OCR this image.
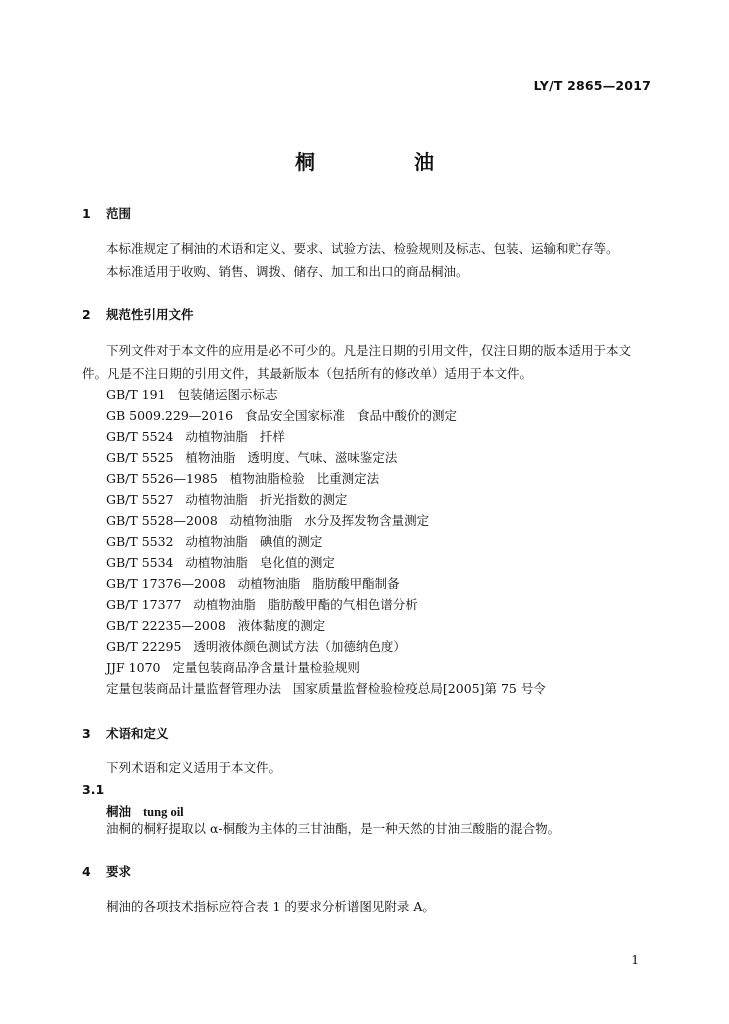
LY/T 2865—2017
桐 油
1 范围
本标准规定了桐油的术语和定义、要求、试验方法、检验规则及标志、包装、运输和贮存等。
本标准适用于收购、销售、调拨、储存、加工和出口的商品桐油。
2 规范性引用文件
下列文件对于本文件的应用是必不可少的。凡是注日期的引用文件，仅注日期的版本适用于本文
件。凡是不注日期的引用文件，其最新版本（包括所有的修改单）适用于本文件。
GB/T 191   包装储运图示标志
GB 5009.229—2016   食品安全国家标准   食品中酸价的测定
GB/T 5524   动植物油脂   扦样
GB/T 5525   植物油脂   透明度、气味、滋味鉴定法
GB/T 5526—1985   植物油脂检验   比重测定法
GB/T 5527   动植物油脂   折光指数的测定
GB/T 5528—2008   动植物油脂   水分及挥发物含量测定
GB/T 5532   动植物油脂   碘值的测定
GB/T 5534   动植物油脂   皂化值的测定
GB/T 17376—2008   动植物油脂   脂肪酸甲酯制备
GB/T 17377   动植物油脂   脂肪酸甲酯的气相色谱分析
GB/T 22235—2008   液体黏度的测定
GB/T 22295   透明液体颜色测试方法（加德纳色度）
JJF 1070   定量包装商品净含量计量检验规则
定量包装商品计量监督管理办法   国家质量监督检验检疫总局[2005]第 75 号令
3 术语和定义
下列术语和定义适用于本文件。
3.1
桐油 tung oil
油桐的桐籽提取以 α-桐酸为主体的三甘油酯，是一种天然的甘油三酸脂的混合物。
4 要求
桐油的各项技术指标应符合表 1 的要求分析谱图见附录 A。
1
